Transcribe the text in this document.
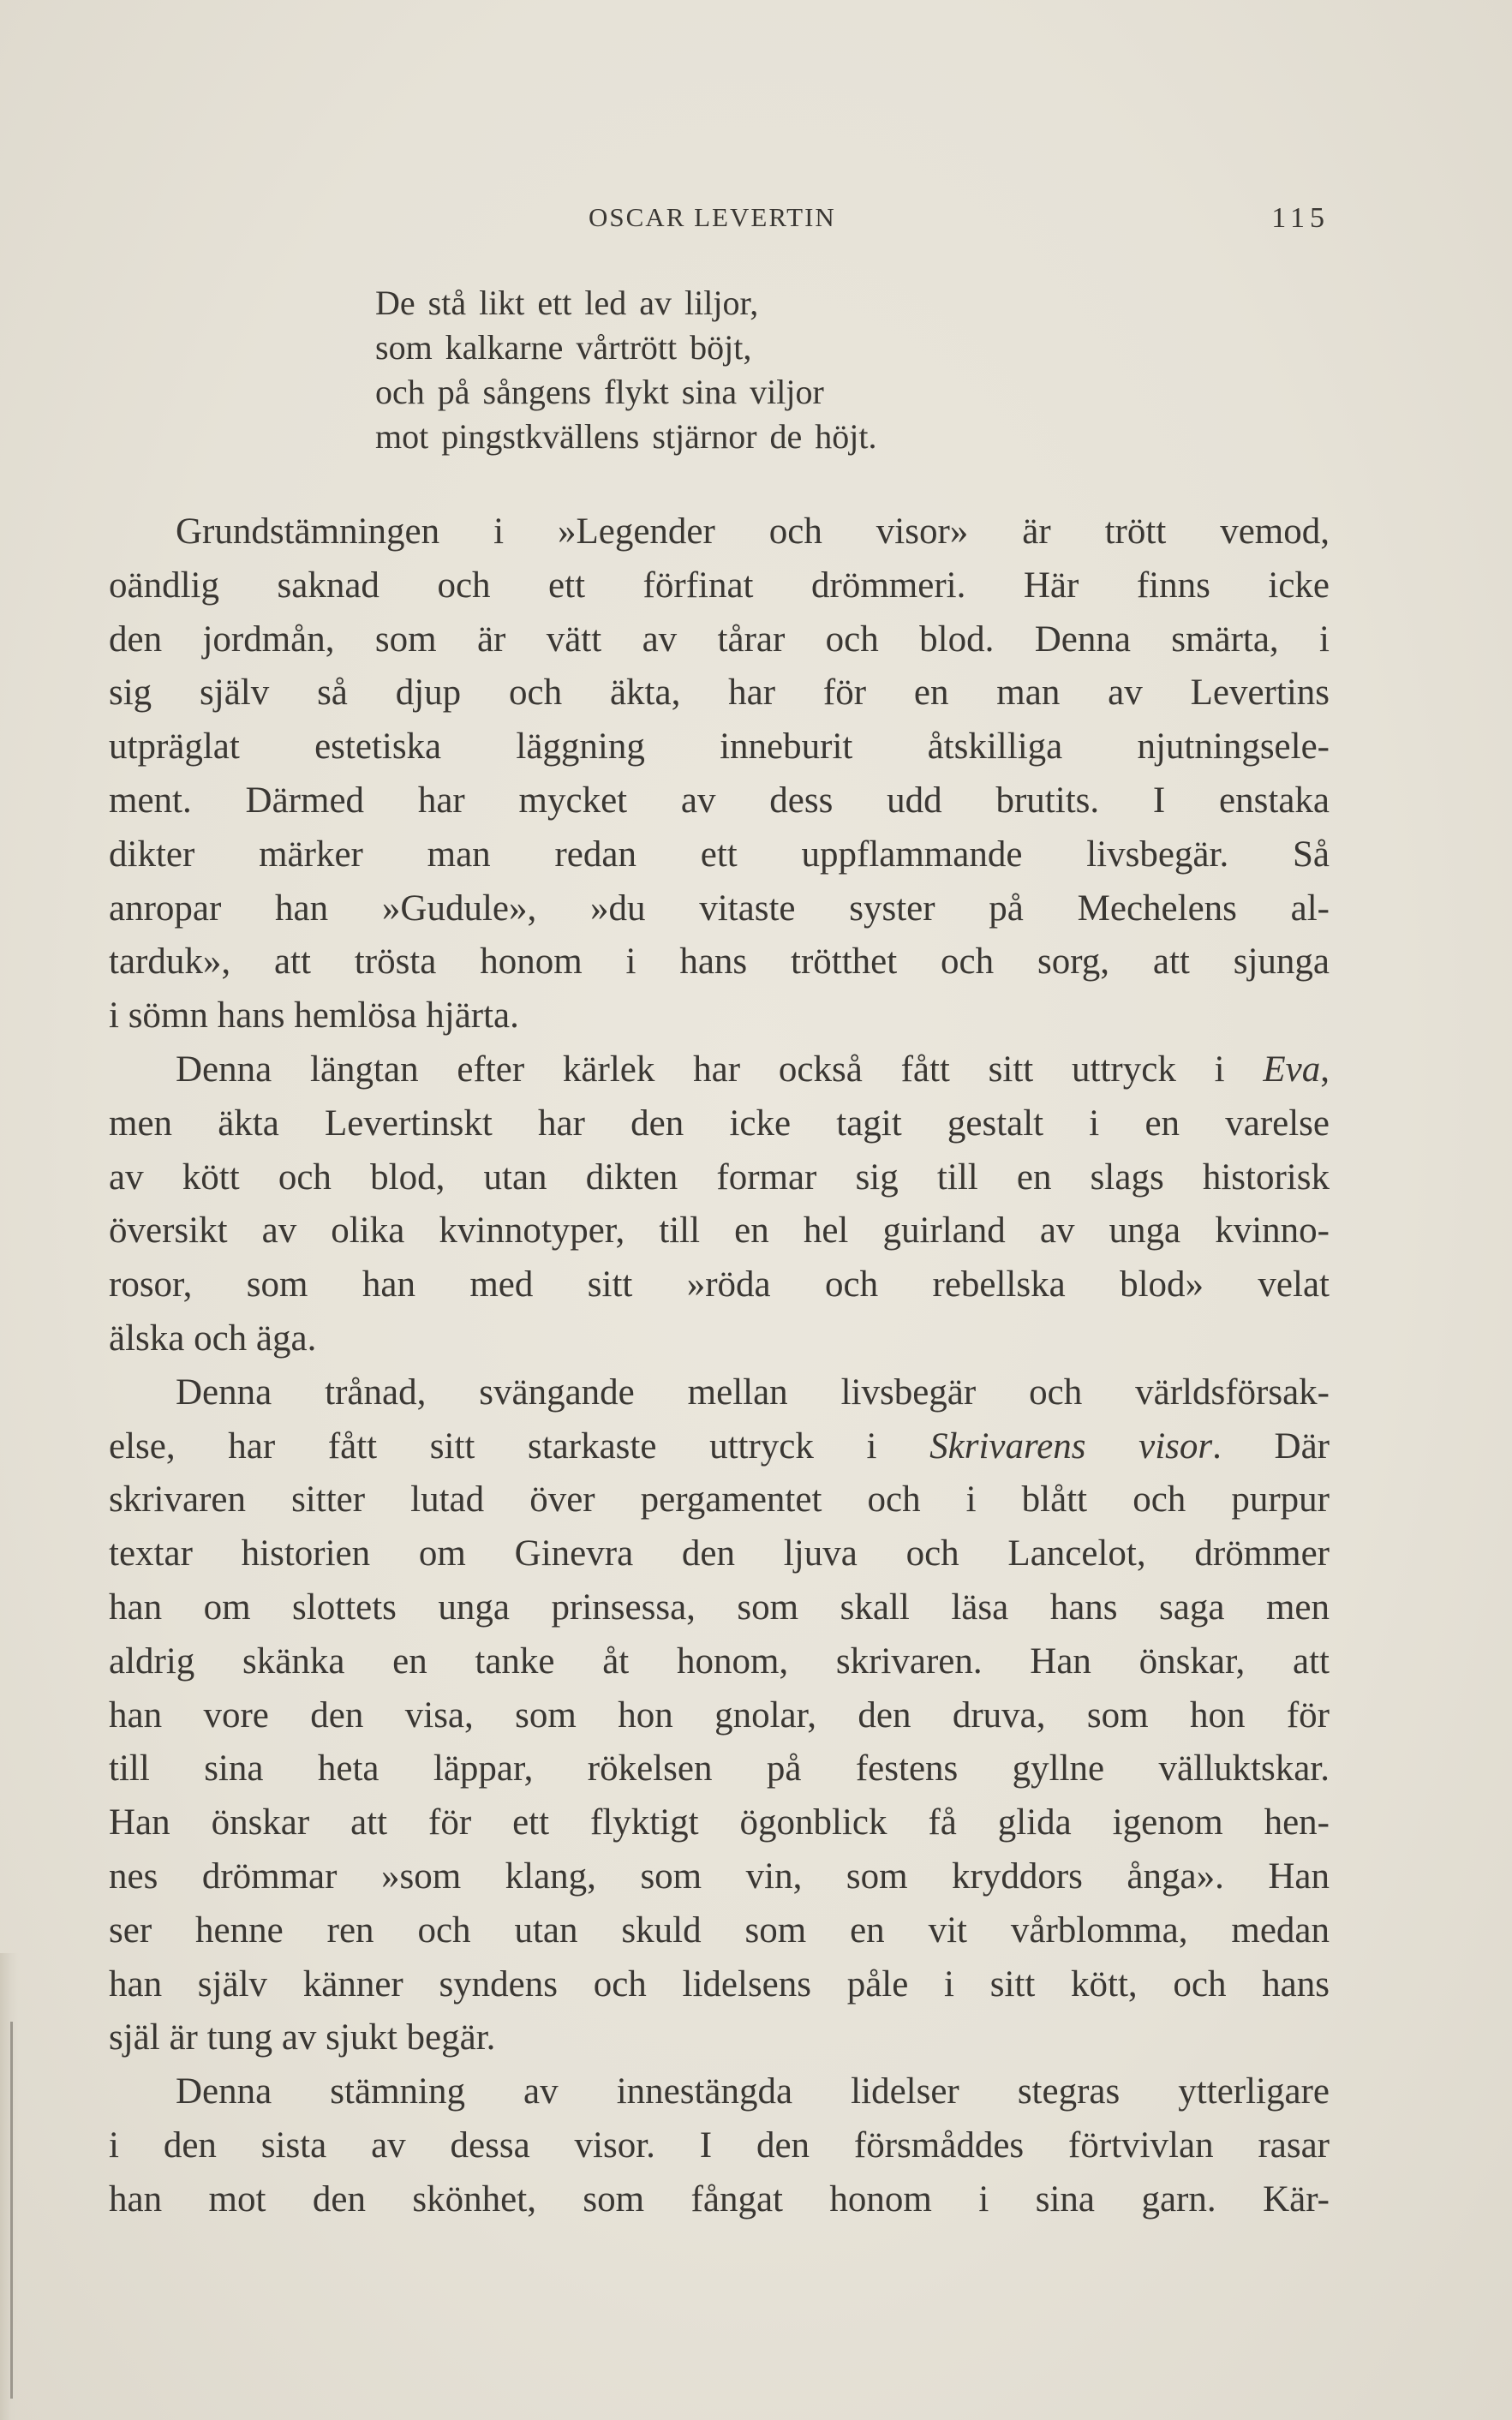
OSCAR LEVERTIN	115
De stå likt ett led av liljor,
som kalkarne vårtrött böjt,
och på sångens flykt sina viljor
mot pingstkvällens stjärnor de höjt.

Grundstämningen i »Legender och visor» är trött vemod,
oändlig saknad och ett förfinat drömmeri. Här finns icke
den jordmån, som är vätt av tårar och blod. Denna smärta, i
sig själv så djup och äkta, har för en man av Levertins
utpräglat estetiska läggning inneburit åtskilliga njutningsele-
ment. Därmed har mycket av dess udd brutits. I enstaka
dikter märker man redan ett uppflammande livsbegär. Så
anropar han »Gudule», »du vitaste syster på Mechelens al-
tarduk», att trösta honom i hans trötthet och sorg, att sjunga
i sömn hans hemlösa hjärta.

Denna längtan efter kärlek har också fått sitt uttryck i Eva,
men äkta Levertinskt har den icke tagit gestalt i en varelse
av kött och blod, utan dikten formar sig till en slags historisk
översikt av olika kvinnotyper, till en hel guirland av unga kvinno-
rosor, som han med sitt »röda och rebellska blod» velat
älska och äga.

Denna trånad, svängande mellan livsbegär och världsförsak-
else, har fått sitt starkaste uttryck i Skrivarens visor. Där
skrivaren sitter lutad över pergamentet och i blått och purpur
textar historien om Ginevra den ljuva och Lancelot, drömmer
han om slottets unga prinsessa, som skall läsa hans saga men
aldrig skänka en tanke åt honom, skrivaren. Han önskar, att
han vore den visa, som hon gnolar, den druva, som hon för
till sina heta läppar, rökelsen på festens gyllne välluktskar.
Han önskar att för ett flyktigt ögonblick få glida igenom hen-
nes drömmar »som klang, som vin, som kryddors ånga». Han
ser henne ren och utan skuld som en vit vårblomma, medan
han själv känner syndens och lidelsens påle i sitt kött, och hans
själ är tung av sjukt begär.

Denna stämning av innestängda lidelser stegras ytterligare
i den sista av dessa visor. I den försmåddes förtvivlan rasar
han mot den skönhet, som fångat honom i sina garn. Kär-
